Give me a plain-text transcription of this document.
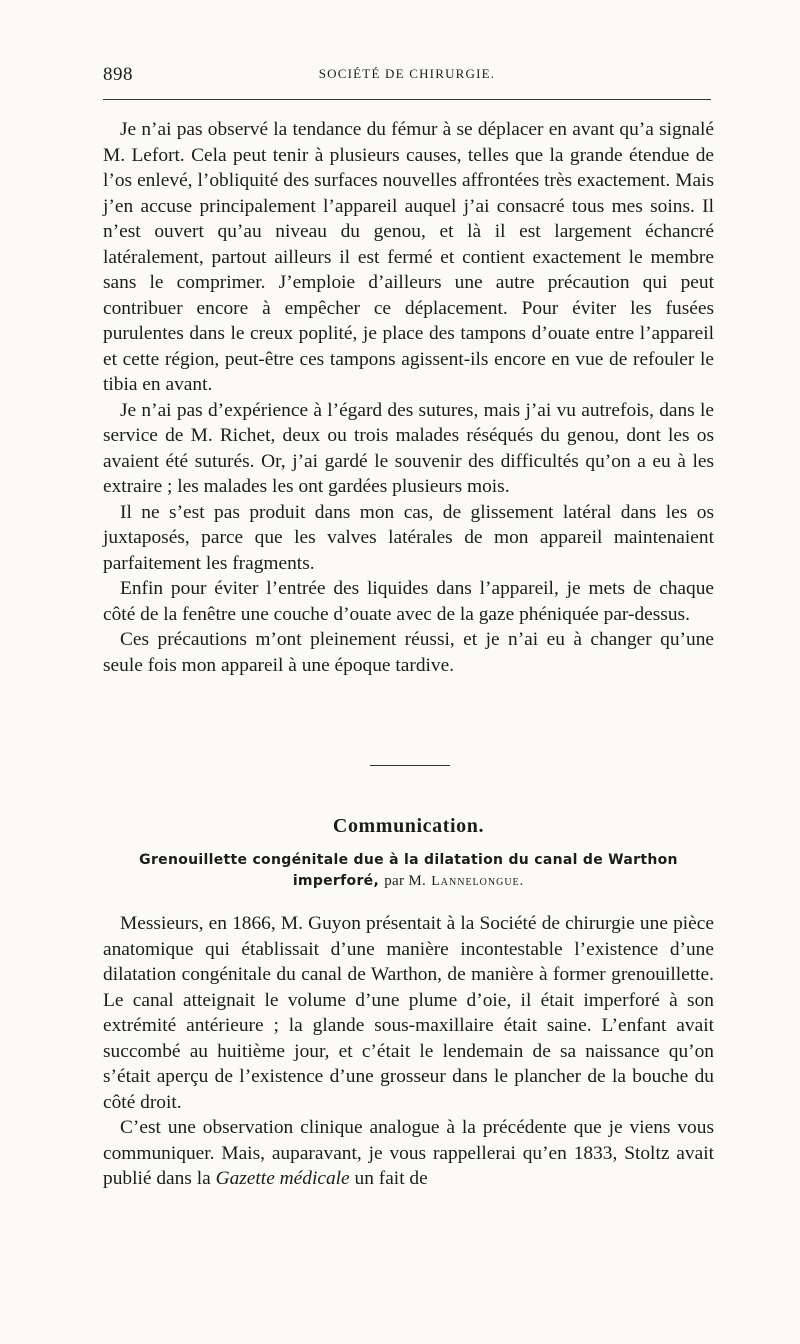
898	SOCIÉTÉ DE CHIRURGIE.

Je n’ai pas observé la tendance du fémur à se déplacer en avant qu’a signalé M. Lefort. Cela peut tenir à plusieurs causes, telles que la grande étendue de l’os enlevé, l’obliquité des surfaces nouvelles affrontées très exactement. Mais j’en accuse principalement l’appareil auquel j’ai consacré tous mes soins. Il n’est ouvert qu’au niveau du genou, et là il est largement échancré latéralement, partout ailleurs il est fermé et contient exactement le membre sans le comprimer. J’emploie d’ailleurs une autre précaution qui peut contribuer encore à empêcher ce déplacement. Pour éviter les fusées purulentes dans le creux poplité, je place des tampons d’ouate entre l’appareil et cette région, peut-être ces tampons agissent-ils encore en vue de refouler le tibia en avant.

Je n’ai pas d’expérience à l’égard des sutures, mais j’ai vu autrefois, dans le service de M. Richet, deux ou trois malades réséqués du genou, dont les os avaient été suturés. Or, j’ai gardé le souvenir des difficultés qu’on a eu à les extraire ; les malades les ont gardées plusieurs mois.

Il ne s’est pas produit dans mon cas, de glissement latéral dans les os juxtaposés, parce que les valves latérales de mon appareil maintenaient parfaitement les fragments.

Enfin pour éviter l’entrée des liquides dans l’appareil, je mets de chaque côté de la fenêtre une couche d’ouate avec de la gaze phéniquée par-dessus.

Ces précautions m’ont pleinement réussi, et je n’ai eu à changer qu’une seule fois mon appareil à une époque tardive.

Communication.
Grenouillette congénitale due à la dilatation du canal de Warthon imperforé, par M. Lannelongue.

Messieurs, en 1866, M. Guyon présentait à la Société de chirurgie une pièce anatomique qui établissait d’une manière incontestable l’existence d’une dilatation congénitale du canal de Warthon, de manière à former grenouillette. Le canal atteignait le volume d’une plume d’oie, il était imperforé à son extrémité antérieure ; la glande sous-maxillaire était saine. L’enfant avait succombé au huitième jour, et c’était le lendemain de sa naissance qu’on s’était aperçu de l’existence d’une grosseur dans le plancher de la bouche du côté droit.

C’est une observation clinique analogue à la précédente que je viens vous communiquer. Mais, auparavant, je vous rappellerai qu’en 1833, Stoltz avait publié dans la Gazette médicale un fait de
